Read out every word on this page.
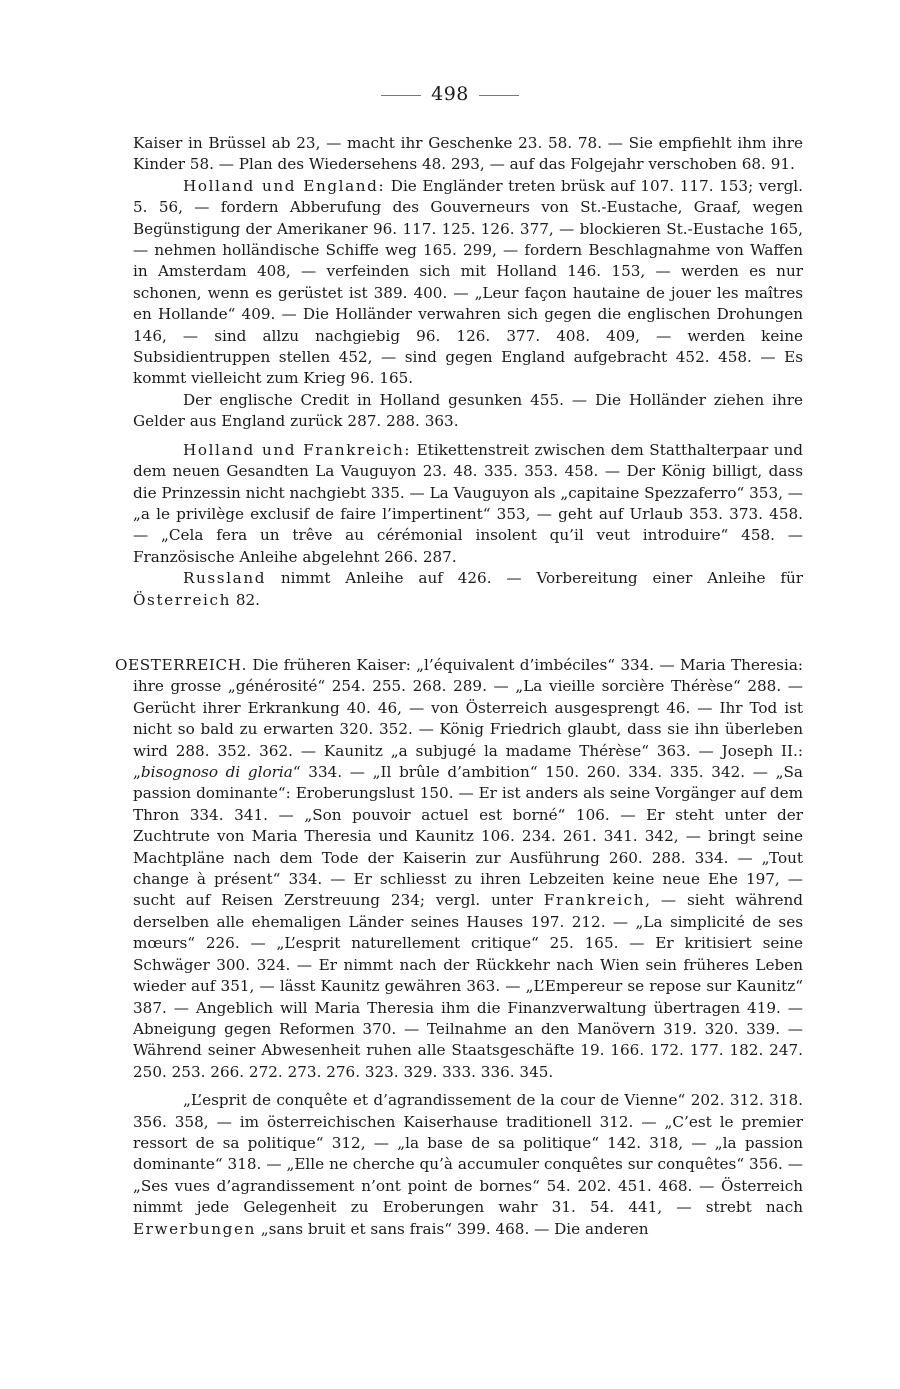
498

Kaiser in Brüssel ab 23, — macht ihr Geschenke 23. 58. 78. — Sie empfiehlt ihm ihre Kinder 58. — Plan des Wiedersehens 48. 293, — auf das Folgejahr verschoben 68. 91.

Holland und England: Die Engländer treten brüsk auf 107. 117. 153; vergl. 5. 56, — fordern Abberufung des Gouverneurs von St.-Eustache, Graaf, wegen Begünstigung der Amerikaner 96. 117. 125. 126. 377, — blockieren St.-Eustache 165, — nehmen holländische Schiffe weg 165. 299, — fordern Beschlagnahme von Waffen in Amsterdam 408, — verfeinden sich mit Holland 146. 153, — werden es nur schonen, wenn es gerüstet ist 389. 400. — „Leur façon hautaine de jouer les maîtres en Hollande“ 409. — Die Holländer verwahren sich gegen die englischen Drohungen 146, — sind allzu nachgiebig 96. 126. 377. 408. 409, — werden keine Subsidientruppen stellen 452, — sind gegen England aufgebracht 452. 458. — Es kommt vielleicht zum Krieg 96. 165.

Der englische Credit in Holland gesunken 455. — Die Holländer ziehen ihre Gelder aus England zurück 287. 288. 363.

Holland und Frankreich: Etikettenstreit zwischen dem Statthalterpaar und dem neuen Gesandten La Vauguyon 23. 48. 335. 353. 458. — Der König billigt, dass die Prinzessin nicht nachgiebt 335. — La Vauguyon als „capitaine Spezzaferro“ 353, — „a le privilège exclusif de faire l’impertinent“ 353, — geht auf Urlaub 353. 373. 458. — „Cela fera un trêve au cérémonial insolent qu’il veut introduire“ 458. — Französische Anleihe abgelehnt 266. 287.

Russland nimmt Anleihe auf 426. — Vorbereitung einer Anleihe für Österreich 82.

OESTERREICH. Die früheren Kaiser: „l’équivalent d’imbéciles“ 334. — Maria Theresia: ihre grosse „générosité“ 254. 255. 268. 289. — „La vieille sorcière Thérèse“ 288. — Gerücht ihrer Erkrankung 40. 46, — von Österreich ausgesprengt 46. — Ihr Tod ist nicht so bald zu erwarten 320. 352. — König Friedrich glaubt, dass sie ihn überleben wird 288. 352. 362. — Kaunitz „a subjugé la madame Thérèse“ 363. — Joseph II.: „bisognoso di gloria“ 334. — „Il brûle d’ambition“ 150. 260. 334. 335. 342. — „Sa passion dominante“: Eroberungslust 150. — Er ist anders als seine Vorgänger auf dem Thron 334. 341. — „Son pouvoir actuel est borné“ 106. — Er steht unter der Zuchtrute von Maria Theresia und Kaunitz 106. 234. 261. 341. 342, — bringt seine Machtpläne nach dem Tode der Kaiserin zur Ausführung 260. 288. 334. — „Tout change à présent“ 334. — Er schliesst zu ihren Lebzeiten keine neue Ehe 197, — sucht auf Reisen Zerstreuung 234; vergl. unter Frankreich, — sieht während derselben alle ehemaligen Länder seines Hauses 197. 212. — „La simplicité de ses mœurs“ 226. — „L’esprit naturellement critique“ 25. 165. — Er kritisiert seine Schwäger 300. 324. — Er nimmt nach der Rückkehr nach Wien sein früheres Leben wieder auf 351, — lässt Kaunitz gewähren 363. — „L’Empereur se repose sur Kaunitz“ 387. — Angeblich will Maria Theresia ihm die Finanzverwaltung übertragen 419. — Abneigung gegen Reformen 370. — Teilnahme an den Manövern 319. 320. 339. — Während seiner Abwesenheit ruhen alle Staatsgeschäfte 19. 166. 172. 177. 182. 247. 250. 253. 266. 272. 273. 276. 323. 329. 333. 336. 345.

„L’esprit de conquête et d’agrandissement de la cour de Vienne“ 202. 312. 318. 356. 358, — im österreichischen Kaiserhause traditionell 312. — „C’est le premier ressort de sa politique“ 312, — „la base de sa politique“ 142. 318, — „la passion dominante“ 318. — „Elle ne cherche qu’à accumuler conquêtes sur conquêtes“ 356. — „Ses vues d’agrandissement n’ont point de bornes“ 54. 202. 451. 468. — Österreich nimmt jede Gelegenheit zu Eroberungen wahr 31. 54. 441, — strebt nach Erwerbungen „sans bruit et sans frais“ 399. 468. — Die anderen
